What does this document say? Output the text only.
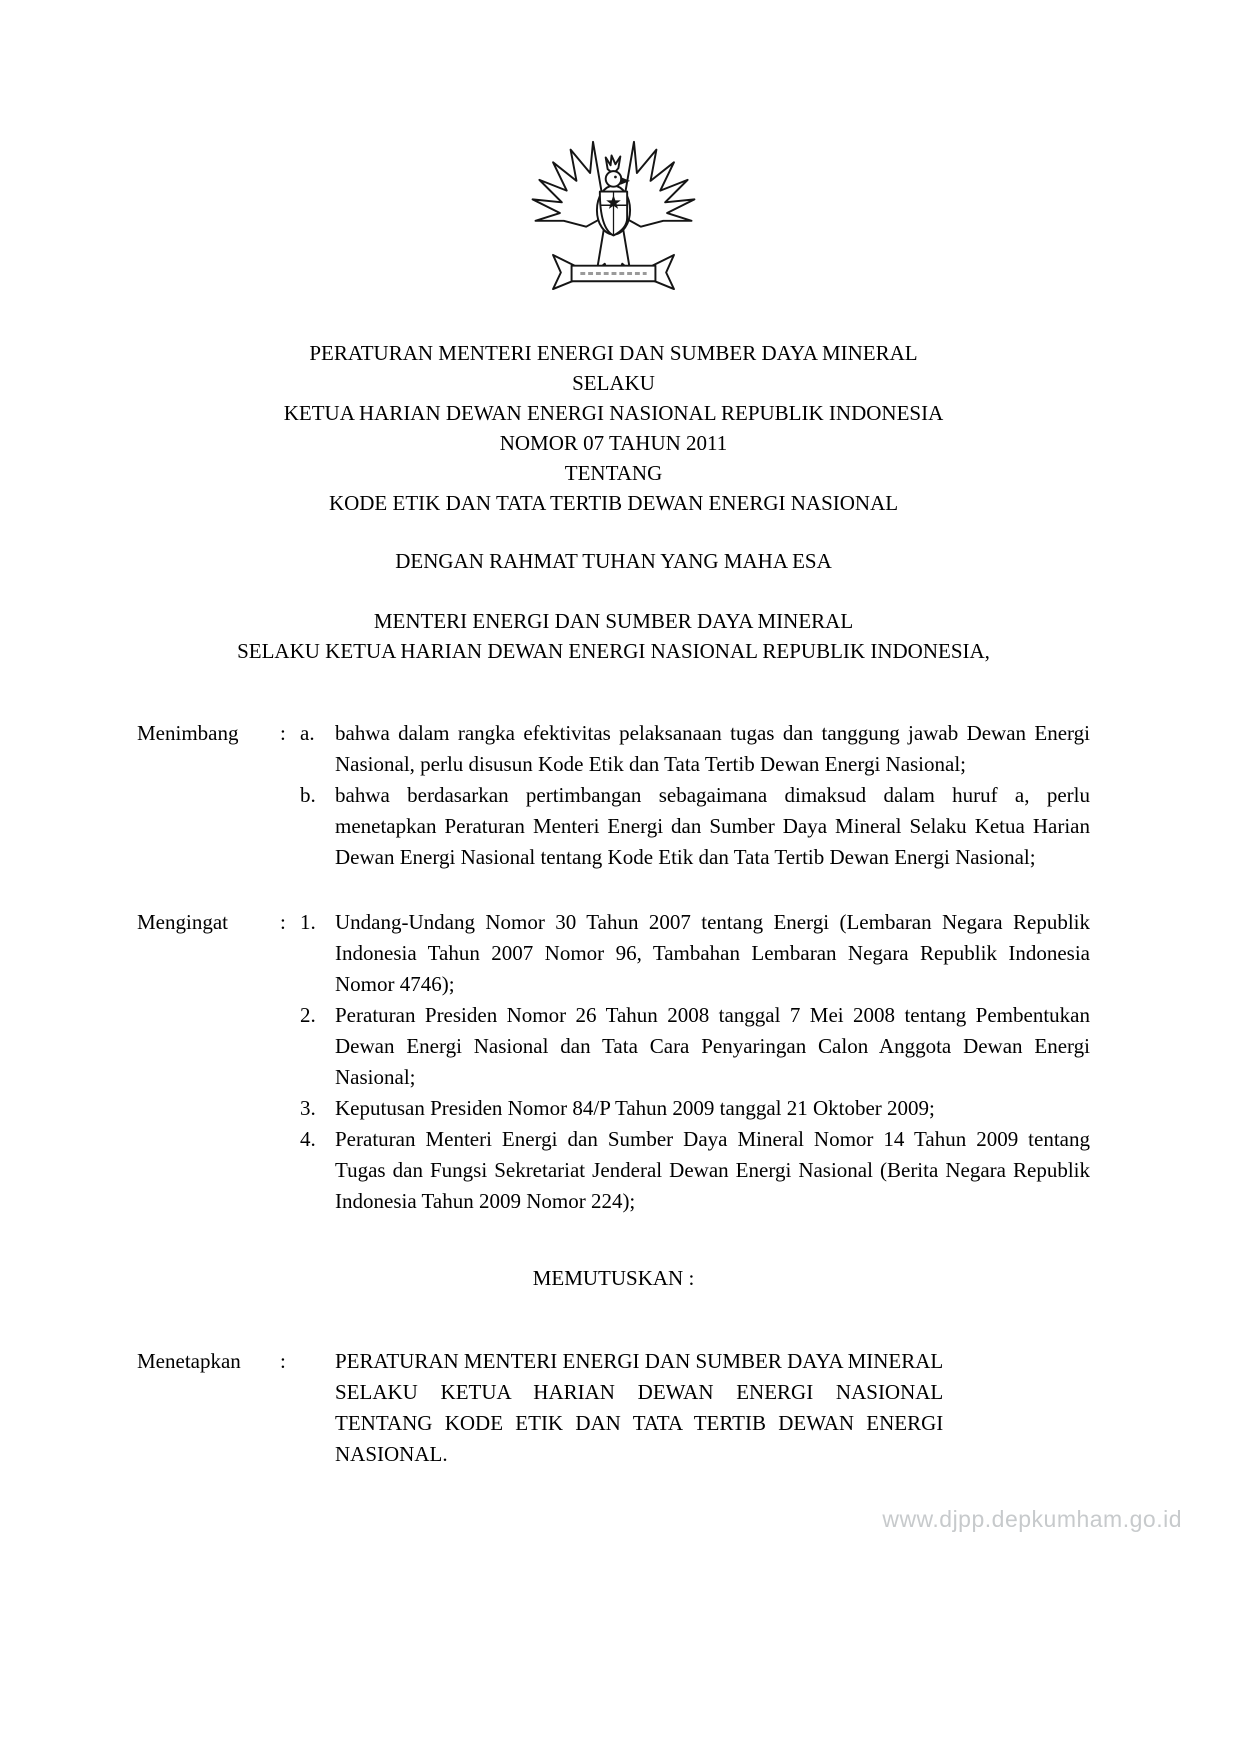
PERATURAN MENTERI ENERGI DAN SUMBER DAYA MINERAL
SELAKU
KETUA HARIAN DEWAN ENERGI NASIONAL REPUBLIK INDONESIA
NOMOR 07 TAHUN 2011
TENTANG
KODE ETIK DAN TATA TERTIB DEWAN ENERGI NASIONAL
DENGAN RAHMAT TUHAN YANG MAHA ESA
MENTERI ENERGI DAN SUMBER DAYA MINERAL
SELAKU KETUA HARIAN DEWAN ENERGI NASIONAL REPUBLIK INDONESIA,
Menimbang	: a. bahwa dalam rangka efektivitas pelaksanaan tugas dan tanggung jawab Dewan Energi Nasional, perlu disusun Kode Etik dan Tata Tertib Dewan Energi Nasional;
b. bahwa berdasarkan pertimbangan sebagaimana dimaksud dalam huruf a, perlu menetapkan Peraturan Menteri Energi dan Sumber Daya Mineral Selaku Ketua Harian Dewan Energi Nasional tentang Kode Etik dan Tata Tertib Dewan Energi Nasional;
Mengingat	: 1. Undang-Undang Nomor 30 Tahun 2007 tentang Energi (Lembaran Negara Republik Indonesia Tahun 2007 Nomor 96, Tambahan Lembaran Negara Republik Indonesia Nomor 4746);
2. Peraturan Presiden Nomor 26 Tahun 2008 tanggal 7 Mei 2008 tentang Pembentukan Dewan Energi Nasional dan Tata Cara Penyaringan Calon Anggota Dewan Energi Nasional;
3. Keputusan Presiden Nomor 84/P Tahun 2009 tanggal 21 Oktober 2009;
4. Peraturan Menteri Energi dan Sumber Daya Mineral Nomor 14 Tahun 2009 tentang Tugas dan Fungsi Sekretariat Jenderal Dewan Energi Nasional (Berita Negara Republik Indonesia Tahun 2009 Nomor 224);
MEMUTUSKAN :
Menetapkan	:	PERATURAN MENTERI ENERGI DAN SUMBER DAYA MINERAL
SELAKU KETUA HARIAN DEWAN ENERGI NASIONAL
TENTANG KODE ETIK DAN TATA TERTIB DEWAN ENERGI
NASIONAL.
www.djpp.depkumham.go.id
